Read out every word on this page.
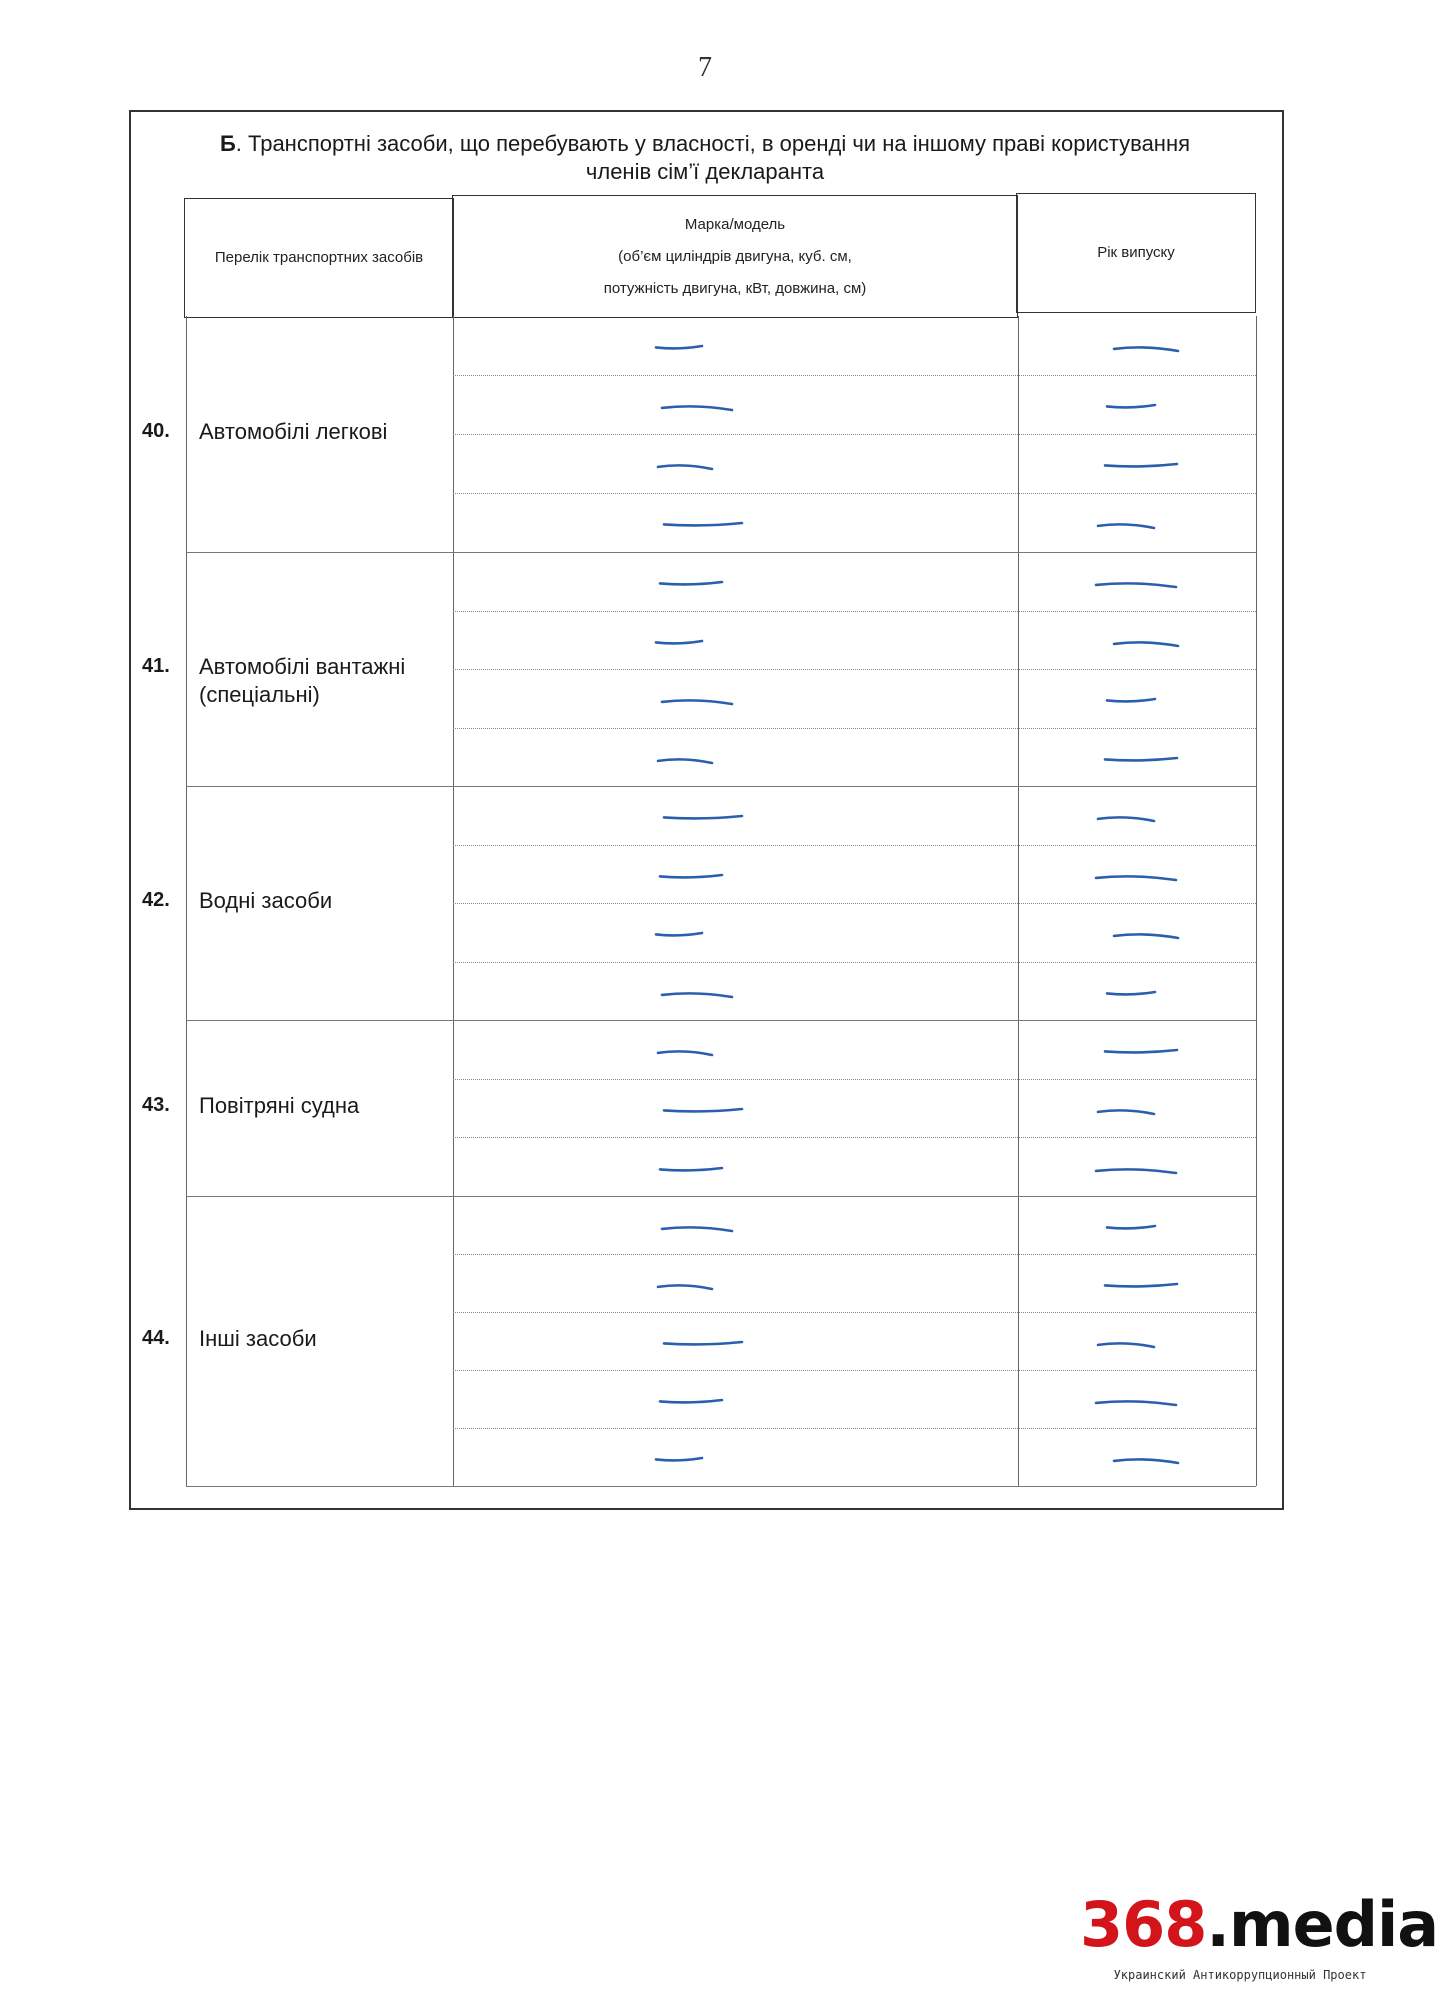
7
Б. Транспортні засоби, що перебувають у власності, в оренді чи на іншому праві користування членів сім’ї декларанта
Перелік транспортних засобів
Марка/модель
(об’єм циліндрів двигуна, куб. см,
потужність двигуна, кВт, довжина, см)
Рік випуску
40. Автомобілі легкові
41. Автомобілі вантажні (спеціальні)
42. Водні засоби
43. Повітряні судна
44. Інші засоби
368.media
Украинский Антикоррупционный Проект
